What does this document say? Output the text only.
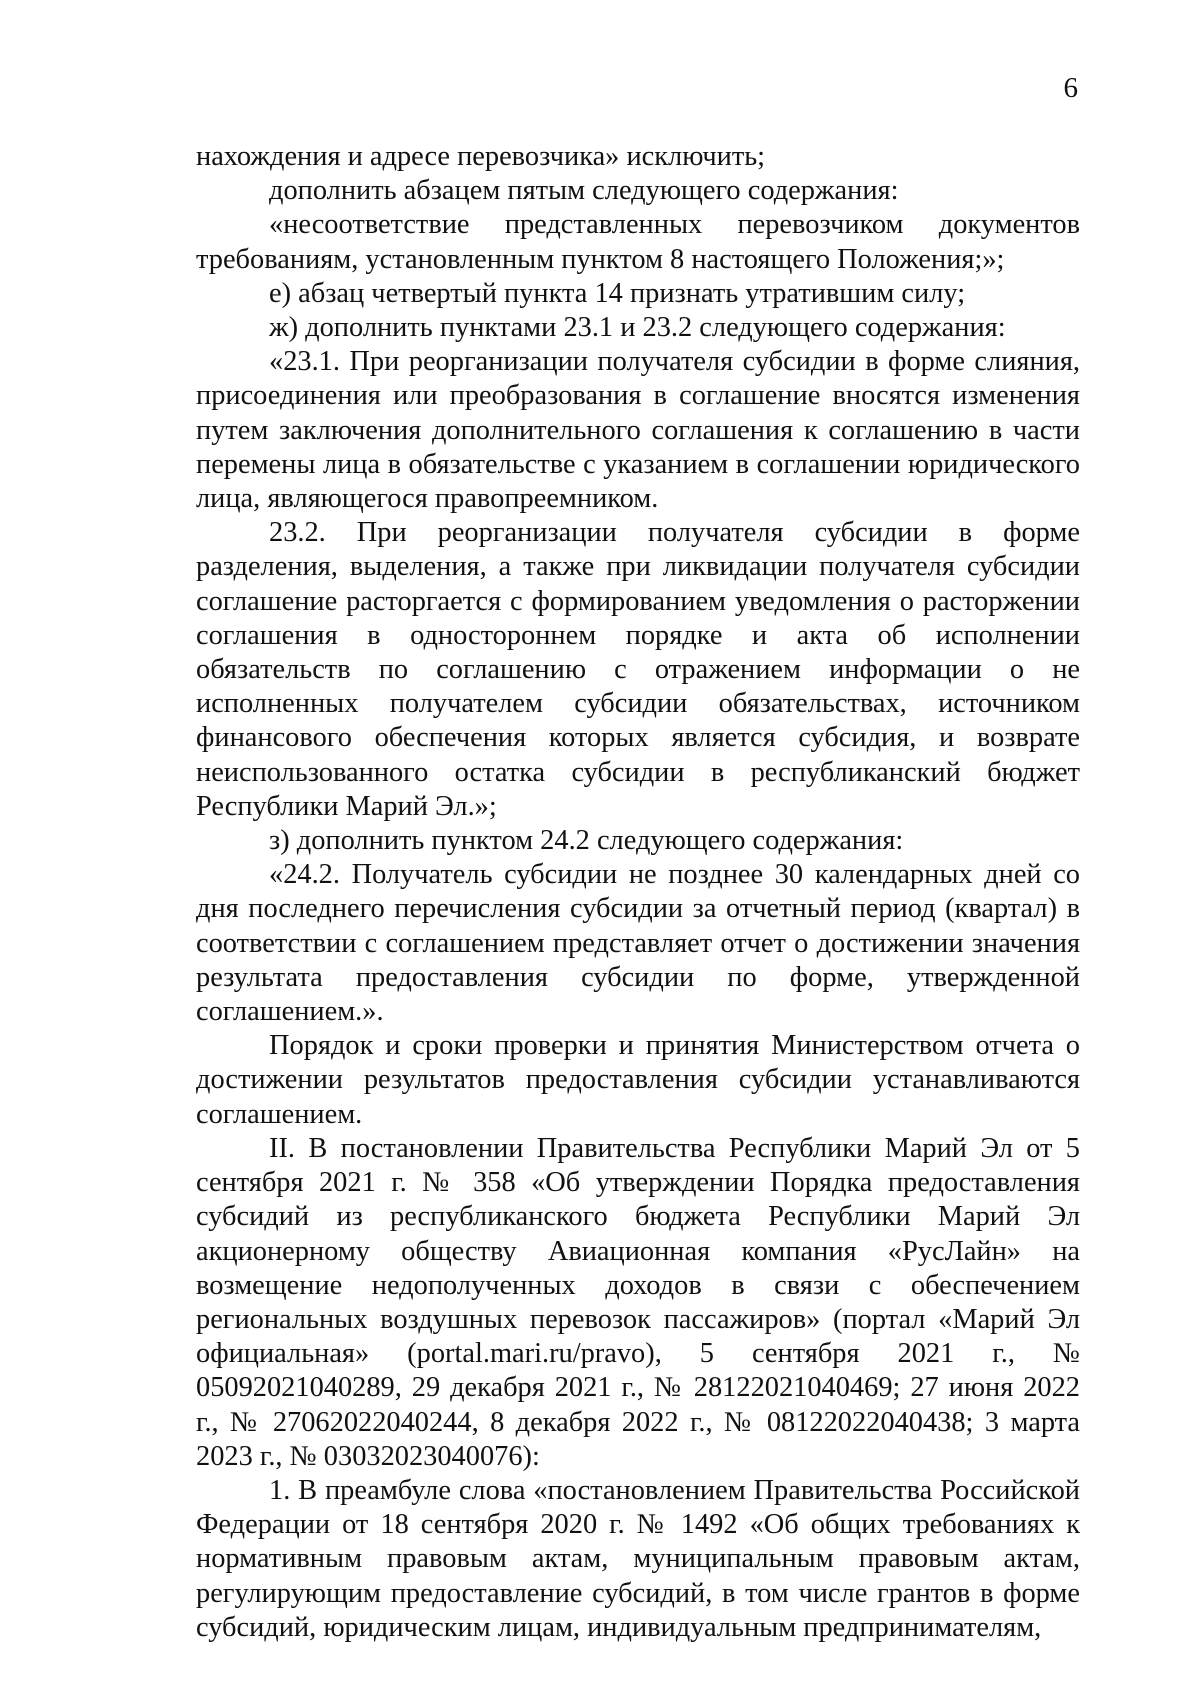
6

нахождения и адресе перевозчика» исключить;

дополнить абзацем пятым следующего содержания:

«несоответствие представленных перевозчиком документов требованиям, установленным пунктом 8 настоящего Положения;»;

е) абзац четвертый пункта 14 признать утратившим силу;

ж) дополнить пунктами 23.1 и 23.2 следующего содержания:

«23.1. При реорганизации получателя субсидии в форме слияния, присоединения или преобразования в соглашение вносятся изменения путем заключения дополнительного соглашения к соглашению в части перемены лица в обязательстве с указанием в соглашении юридического лица, являющегося правопреемником.

23.2. При реорганизации получателя субсидии в форме разделения, выделения, а также при ликвидации получателя субсидии соглашение расторгается с формированием уведомления о расторжении соглашения в одностороннем порядке и акта об исполнении обязательств по соглашению с отражением информации о не исполненных получателем субсидии обязательствах, источником финансового обеспечения которых является субсидия, и возврате неиспользованного остатка субсидии в республиканский бюджет Республики Марий Эл.»;

з) дополнить пунктом 24.2 следующего содержания:

«24.2. Получатель субсидии не позднее 30 календарных дней со дня последнего перечисления субсидии за отчетный период (квартал) в соответствии с соглашением представляет отчет о достижении значения результата предоставления субсидии по форме, утвержденной соглашением.».

Порядок и сроки проверки и принятия Министерством отчета о достижении результатов предоставления субсидии устанавливаются соглашением.

II. В постановлении Правительства Республики Марий Эл от 5 сентября 2021 г. № 358 «Об утверждении Порядка предоставления субсидий из республиканского бюджета Республики Марий Эл акционерному обществу Авиационная компания «РусЛайн» на возмещение недополученных доходов в связи с обеспечением региональных воздушных перевозок пассажиров» (портал «Марий Эл официальная» (portal.mari.ru/pravo), 5 сентября 2021 г., № 05092021040289, 29 декабря 2021 г., № 28122021040469; 27 июня 2022 г., № 27062022040244, 8 декабря 2022 г., № 08122022040438; 3 марта 2023 г., № 03032023040076):

1. В преамбуле слова «постановлением Правительства Российской Федерации от 18 сентября 2020 г. № 1492 «Об общих требованиях к нормативным правовым актам, муниципальным правовым актам, регулирующим предоставление субсидий, в том числе грантов в форме субсидий, юридическим лицам, индивидуальным предпринимателям,
